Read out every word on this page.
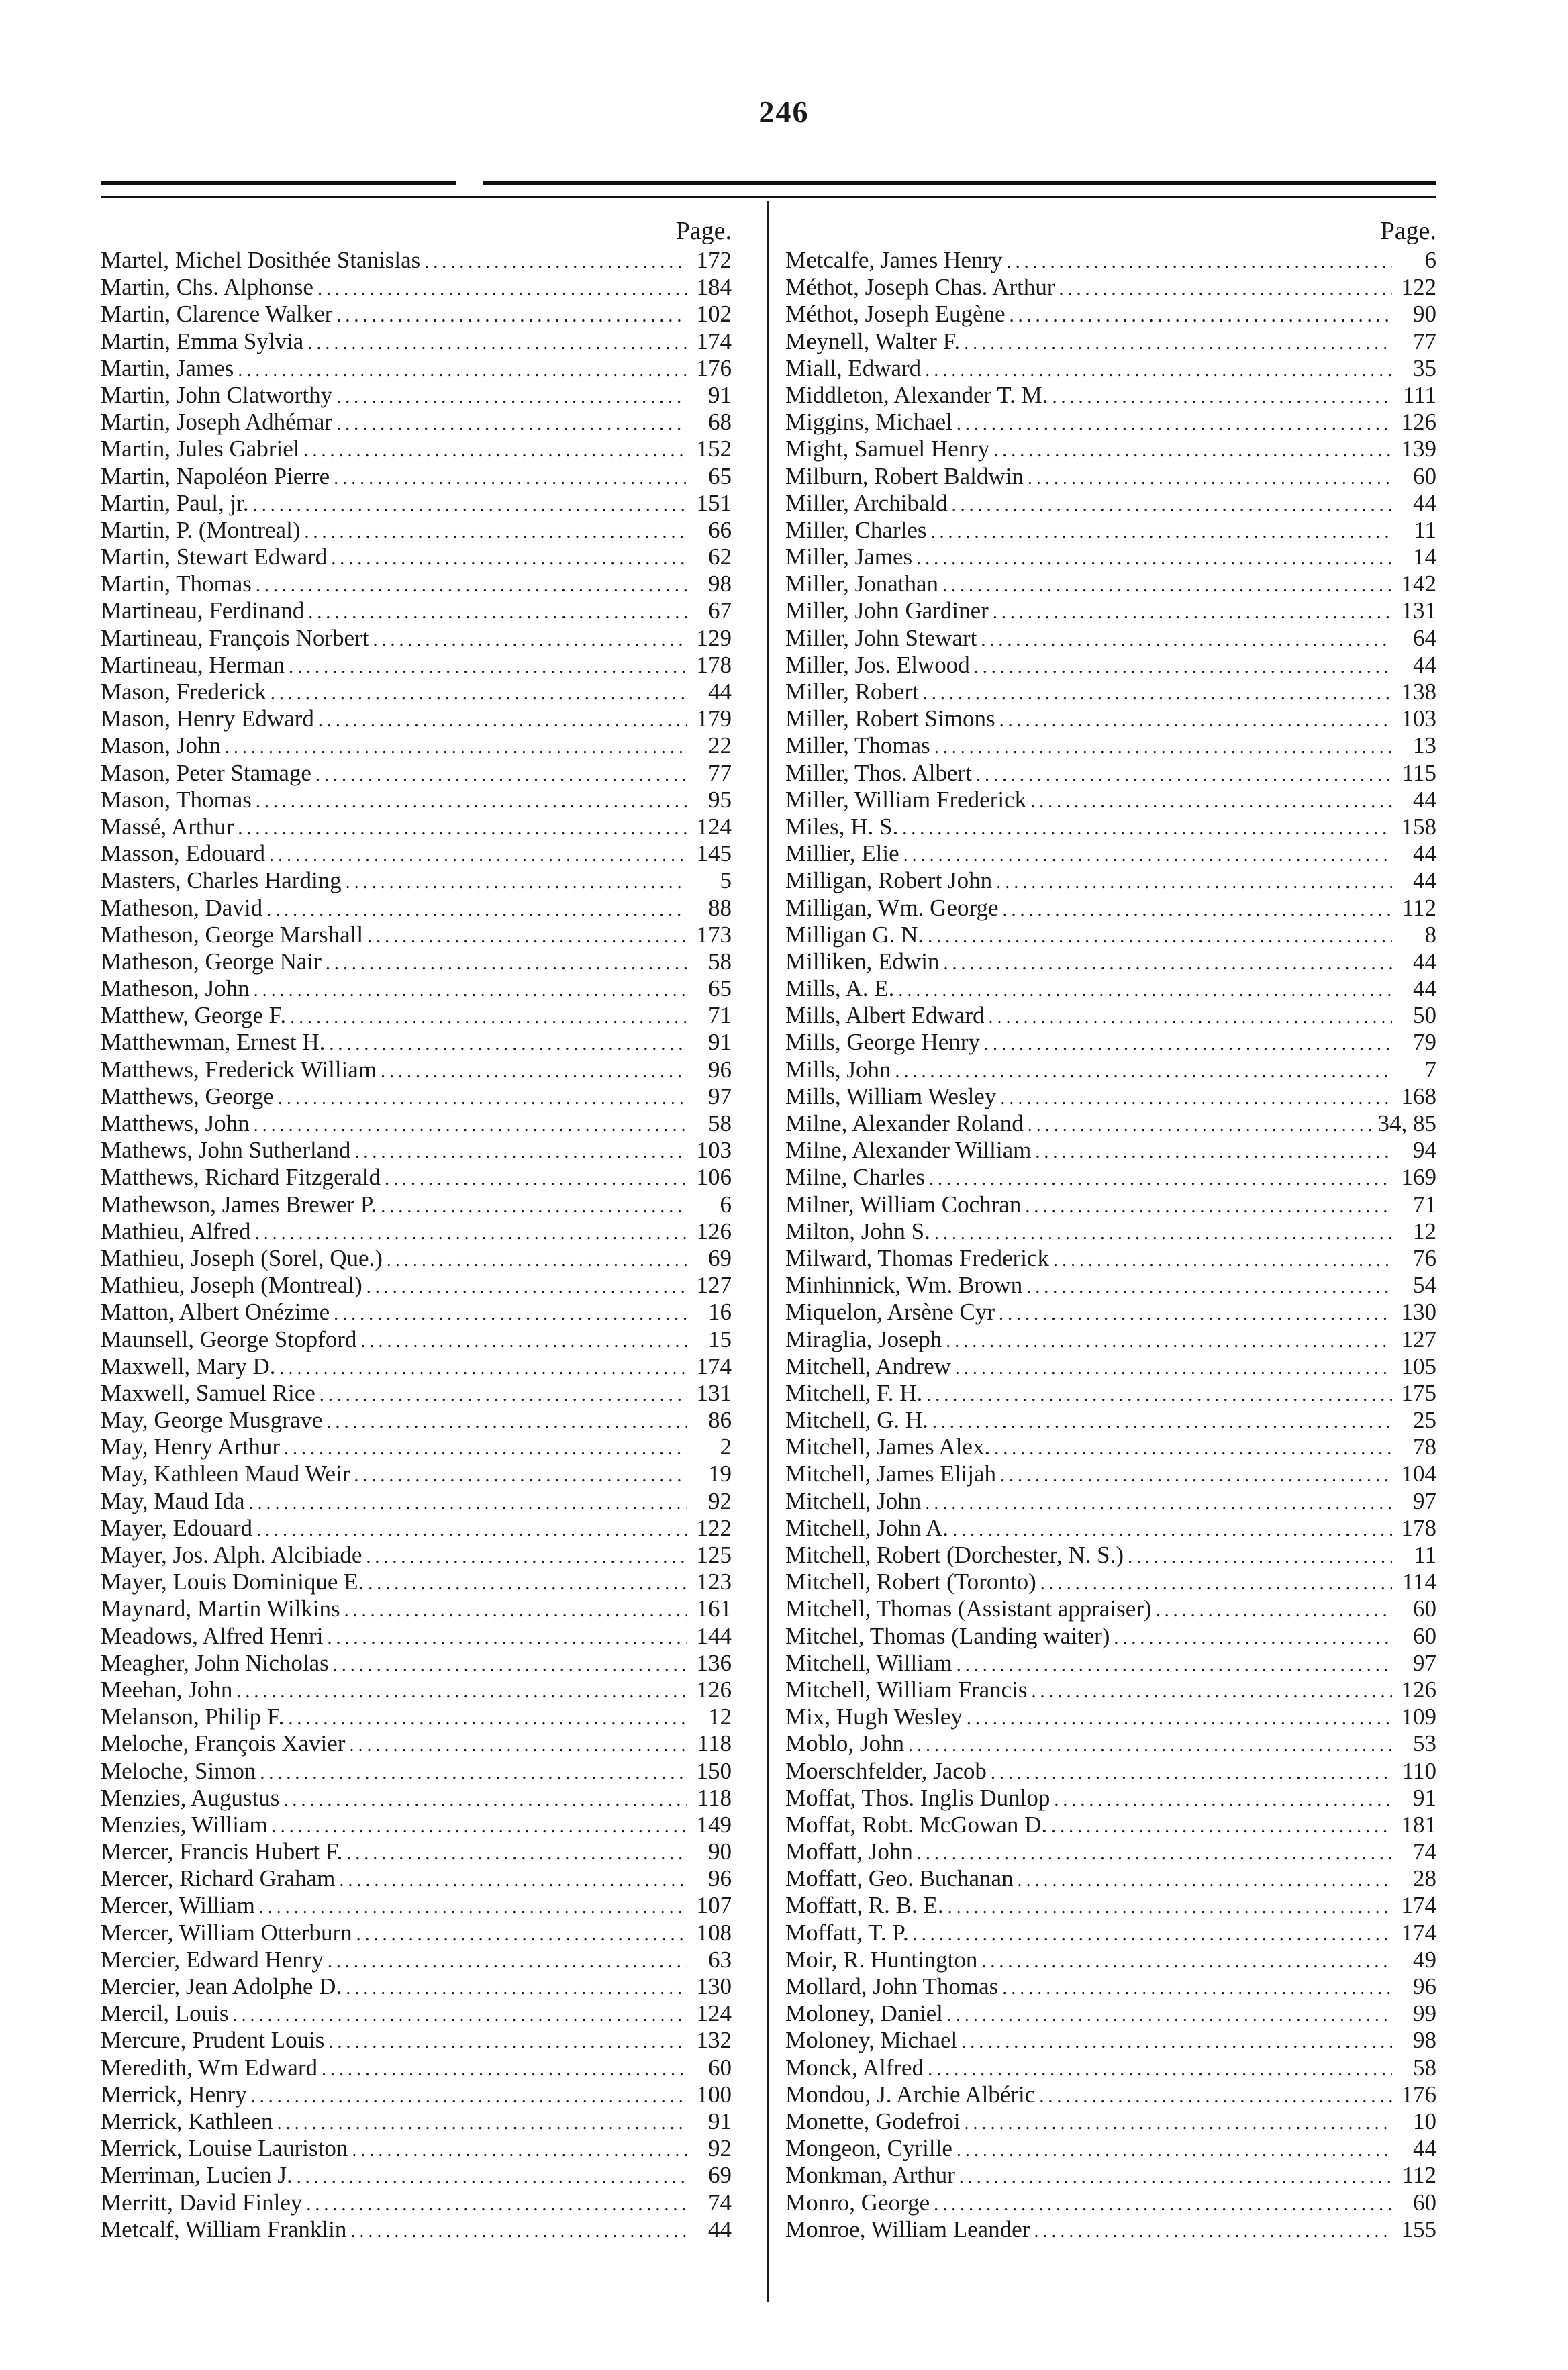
246
Page.
Martel, Michel Dosithée Stanislas .....	172
Martin, Chs. Alphonse .....	184
Martin, Clarence Walker .....	102
Martin, Emma Sylvia .....	174
Martin, James .....	176
Martin, John Clatworthy .....	91
Martin, Joseph Adhémar .....	68
Martin, Jules Gabriel .....	152
Martin, Napoléon Pierre .....	65
Martin, Paul, jr. .....	151
Martin, P. (Montreal) .....	66
Martin, Stewart Edward .....	62
Martin, Thomas .....	98
Martineau, Ferdinand .....	67
Martineau, François Norbert .....	129
Martineau, Herman .....	178
Mason, Frederick .....	44
Mason, Henry Edward .....	179
Mason, John .....	22
Mason, Peter Stamage .....	77
Mason, Thomas .....	95
Massé, Arthur .....	124
Masson, Edouard .....	145
Masters, Charles Harding .....	5
Matheson, David .....	88
Matheson, George Marshall .....	173
Matheson, George Nair .....	58
Matheson, John .....	65
Matthew, George F. .....	71
Matthewman, Ernest H. .....	91
Matthews, Frederick William .....	96
Matthews, George .....	97
Matthews, John .....	58
Mathews, John Sutherland .....	103
Matthews, Richard Fitzgerald .....	106
Mathewson, James Brewer P. .....	6
Mathieu, Alfred .....	126
Mathieu, Joseph (Sorel, Que.) .....	69
Mathieu, Joseph (Montreal) .....	127
Matton, Albert Onézime .....	16
Maunsell, George Stopford .....	15
Maxwell, Mary D. .....	174
Maxwell, Samuel Rice .....	131
May, George Musgrave .....	86
May, Henry Arthur .....	2
May, Kathleen Maud Weir .....	19
May, Maud Ida .....	92
Mayer, Edouard .....	122
Mayer, Jos. Alph. Alcibiade .....	125
Mayer, Louis Dominique E. .....	123
Maynard, Martin Wilkins .....	161
Meadows, Alfred Henri .....	144
Meagher, John Nicholas .....	136
Meehan, John .....	126
Melanson, Philip F. .....	12
Meloche, François Xavier .....	118
Meloche, Simon .....	150
Menzies, Augustus .....	118
Menzies, William .....	149
Mercer, Francis Hubert F. .....	90
Mercer, Richard Graham .....	96
Mercer, William .....	107
Mercer, William Otterburn .....	108
Mercier, Edward Henry .....	63
Mercier, Jean Adolphe D. .....	130
Mercil, Louis .....	124
Mercure, Prudent Louis .....	132
Meredith, Wm Edward .....	60
Merrick, Henry .....	100
Merrick, Kathleen .....	91
Merrick, Louise Lauriston .....	92
Merriman, Lucien J. .....	69
Merritt, David Finley .....	74
Metcalf, William Franklin .....	44
Page.
Metcalfe, James Henry .....	6
Méthot, Joseph Chas. Arthur .....	122
Méthot, Joseph Eugène .....	90
Meynell, Walter F. .....	77
Miall, Edward .....	35
Middleton, Alexander T. M. .....	111
Miggins, Michael .....	126
Might, Samuel Henry .....	139
Milburn, Robert Baldwin .....	60
Miller, Archibald .....	44
Miller, Charles .....	11
Miller, James .....	14
Miller, Jonathan .....	142
Miller, John Gardiner .....	131
Miller, John Stewart .....	64
Miller, Jos. Elwood .....	44
Miller, Robert .....	138
Miller, Robert Simons .....	103
Miller, Thomas .....	13
Miller, Thos. Albert .....	115
Miller, William Frederick .....	44
Miles, H. S. .....	158
Millier, Elie .....	44
Milligan, Robert John .....	44
Milligan, Wm. George .....	112
Milligan G. N. .....	8
Milliken, Edwin .....	44
Mills, A. E. .....	44
Mills, Albert Edward .....	50
Mills, George Henry .....	79
Mills, John .....	7
Mills, William Wesley .....	168
Milne, Alexander Roland .....	34, 85
Milne, Alexander William .....	94
Milne, Charles .....	169
Milner, William Cochran .....	71
Milton, John S. .....	12
Milward, Thomas Frederick .....	76
Minhinnick, Wm. Brown .....	54
Miquelon, Arsène Cyr .....	130
Miraglia, Joseph .....	127
Mitchell, Andrew .....	105
Mitchell, F. H. .....	175
Mitchell, G. H. .....	25
Mitchell, James Alex. .....	78
Mitchell, James Elijah .....	104
Mitchell, John .....	97
Mitchell, John A. .....	178
Mitchell, Robert (Dorchester, N. S.) .....	11
Mitchell, Robert (Toronto) .....	114
Mitchell, Thomas (Assistant appraiser) .....	60
Mitchel, Thomas (Landing waiter) .....	60
Mitchell, William .....	97
Mitchell, William Francis .....	126
Mix, Hugh Wesley .....	109
Moblo, John .....	53
Moerschfelder, Jacob .....	110
Moffat, Thos. Inglis Dunlop .....	91
Moffat, Robt. McGowan D. .....	181
Moffatt, John .....	74
Moffatt, Geo. Buchanan .....	28
Moffatt, R. B. E. .....	174
Moffatt, T. P. .....	174
Moir, R. Huntington .....	49
Mollard, John Thomas .....	96
Moloney, Daniel .....	99
Moloney, Michael .....	98
Monck, Alfred .....	58
Mondou, J. Archie Albéric .....	176
Monette, Godefroi .....	10
Mongeon, Cyrille .....	44
Monkman, Arthur .....	112
Monro, George .....	60
Monroe, William Leander .....	155
